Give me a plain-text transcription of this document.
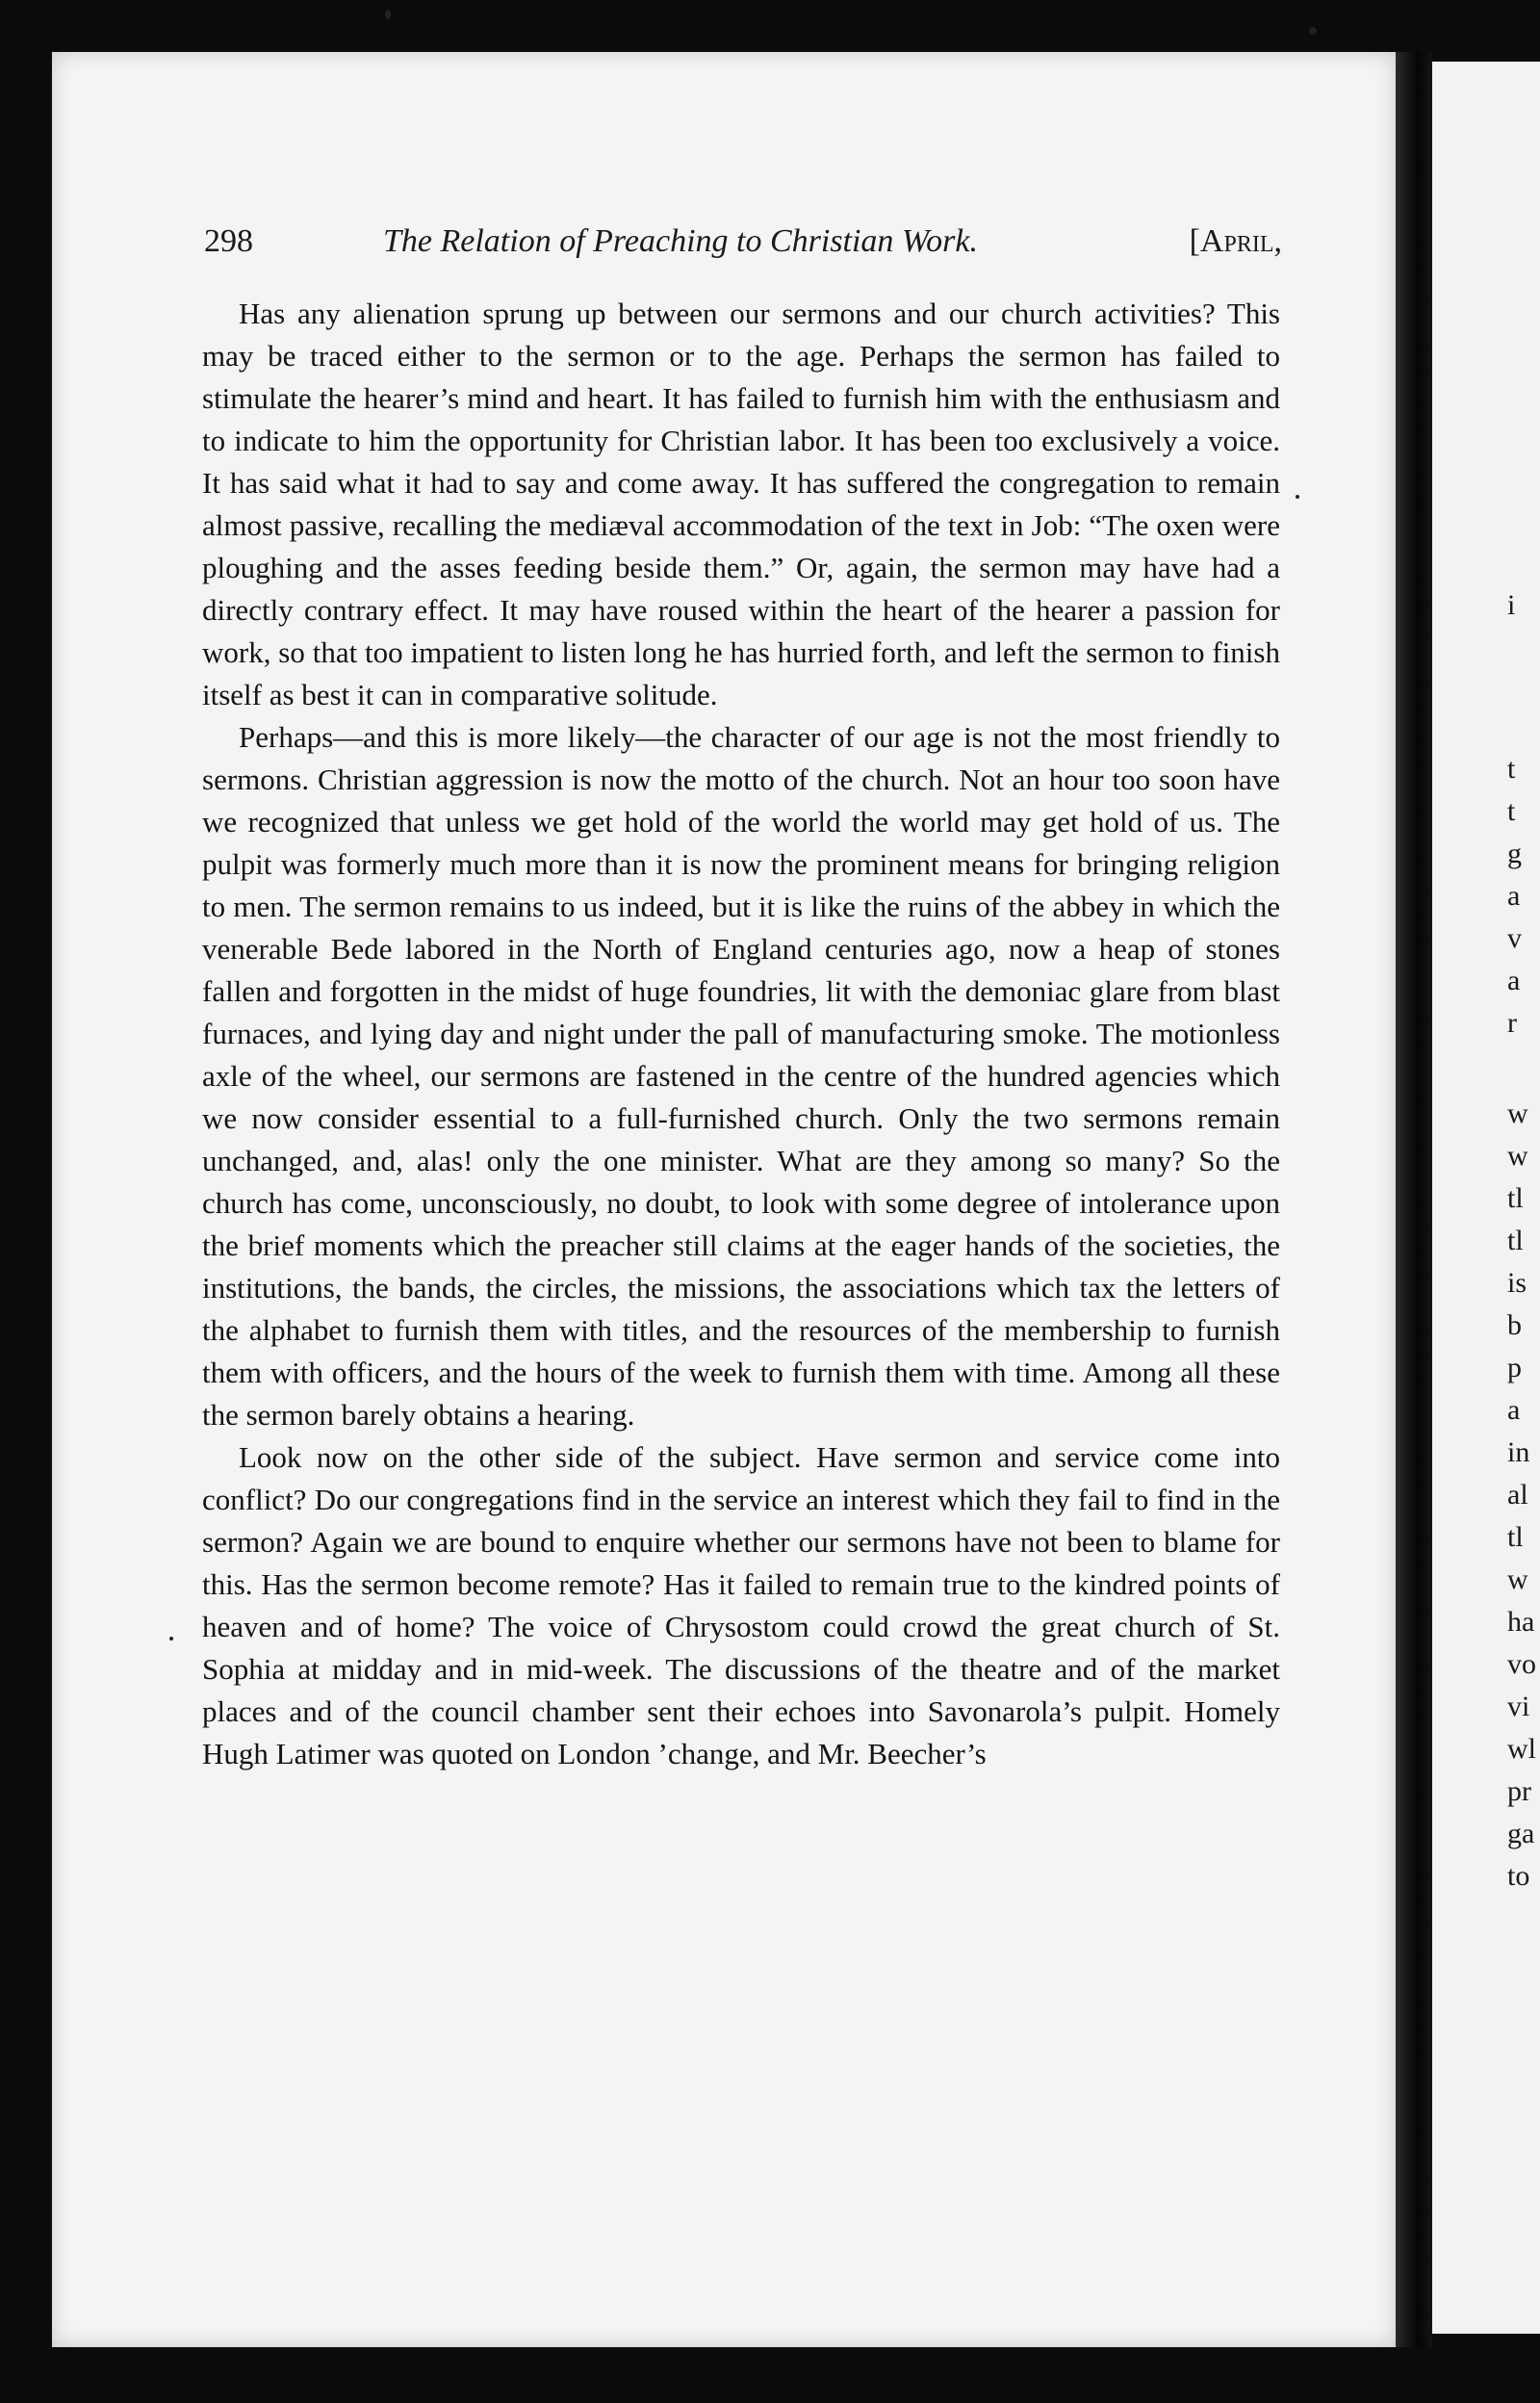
i
t
t
g
a
v
a
r
w
w
tl
tl
is
b
p
a
in
al
tl
w
ha
vo
vi
wl
pr
ga
to
298	The Relation of Preaching to Christian Work.	[April,

Has any alienation sprung up between our sermons and our church activities? This may be traced either to the sermon or to the age. Perhaps the sermon has failed to stimulate the hearer’s mind and heart. It has failed to furnish him with the enthusiasm and to indicate to him the opportunity for Christian labor. It has been too exclusively a voice. It has said what it had to say and come away. It has suffered the congregation to remain almost passive, recalling the mediæval accommodation of the text in Job: “The oxen were ploughing and the asses feeding beside them.” Or, again, the sermon may have had a directly contrary effect. It may have roused within the heart of the hearer a passion for work, so that too impatient to listen long he has hurried forth, and left the sermon to finish itself as best it can in comparative solitude.

Perhaps—and this is more likely—the character of our age is not the most friendly to sermons. Christian aggression is now the motto of the church. Not an hour too soon have we recognized that unless we get hold of the world the world may get hold of us. The pulpit was formerly much more than it is now the prominent means for bringing religion to men. The sermon remains to us indeed, but it is like the ruins of the abbey in which the venerable Bede labored in the North of England centuries ago, now a heap of stones fallen and forgotten in the midst of huge foundries, lit with the demoniac glare from blast furnaces, and lying day and night under the pall of manufacturing smoke. The motionless axle of the wheel, our sermons are fastened in the centre of the hundred agencies which we now consider essential to a full-furnished church. Only the two sermons remain unchanged, and, alas! only the one minister. What are they among so many? So the church has come, unconsciously, no doubt, to look with some degree of intolerance upon the brief moments which the preacher still claims at the eager hands of the societies, the institutions, the bands, the circles, the missions, the associations which tax the letters of the alphabet to furnish them with titles, and the resources of the membership to furnish them with officers, and the hours of the week to furnish them with time. Among all these the sermon barely obtains a hearing.

Look now on the other side of the subject. Have sermon and service come into conflict? Do our congregations find in the service an interest which they fail to find in the sermon? Again we are bound to enquire whether our sermons have not been to blame for this. Has the sermon become remote? Has it failed to remain true to the kindred points of heaven and of home? The voice of Chrysostom could crowd the great church of St. Sophia at midday and in mid-week. The discussions of the theatre and of the market places and of the council chamber sent their echoes into Savonarola’s pulpit. Homely Hugh Latimer was quoted on London ’change, and Mr. Beecher’s
